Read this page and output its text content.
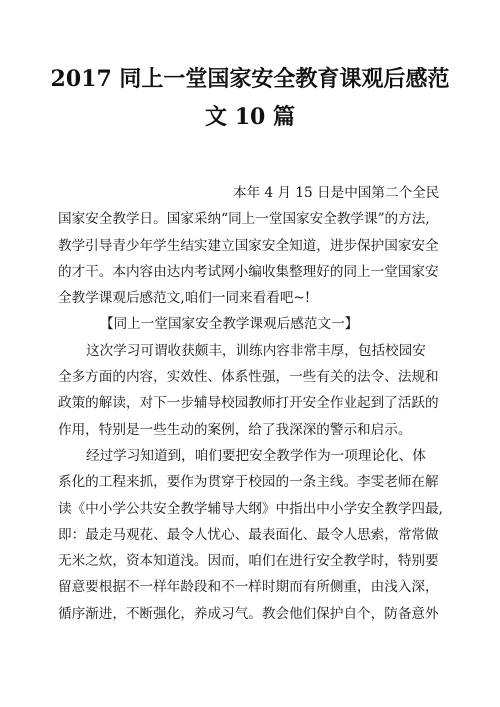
2017 同上一堂国家安全教育课观后感范
文 10 篇
本年 4 月 15 日是中国第二个全民
国家安全教学日。国家采纳“同上一堂国家安全教学课”的方法,
教学引导青少年学生结实建立国家安全知道，进步保护国家安全
的才干。本内容由达内考试网小编收集整理好的同上一堂国家安
全教学课观后感范文,咱们一同来看看吧~!
【同上一堂国家安全教学课观后感范文一】
这次学习可谓收获颇丰，训练内容非常丰厚，包括校园安
全多方面的内容，实效性、体系性强，一些有关的法令、法规和
政策的解读，对下一步辅导校园教师打开安全作业起到了活跃的
作用，特别是一些生动的案例，给了我深深的警示和启示。
经过学习知道到，咱们要把安全教学作为一项理论化、体
系化的工程来抓，要作为贯穿于校园的一条主线。李雯老师在解
读《中小学公共安全教学辅导大纲》中指出中小学安全教学四最,
即：最走马观花、最令人忧心、最表面化、最令人思索，常常做
无米之炊，资本知道浅。因而，咱们在进行安全教学时，特别要
留意要根据不一样年龄段和不一样时期而有所侧重，由浅入深，
循序渐进，不断强化，养成习气。教会他们保护自个，防备意外
